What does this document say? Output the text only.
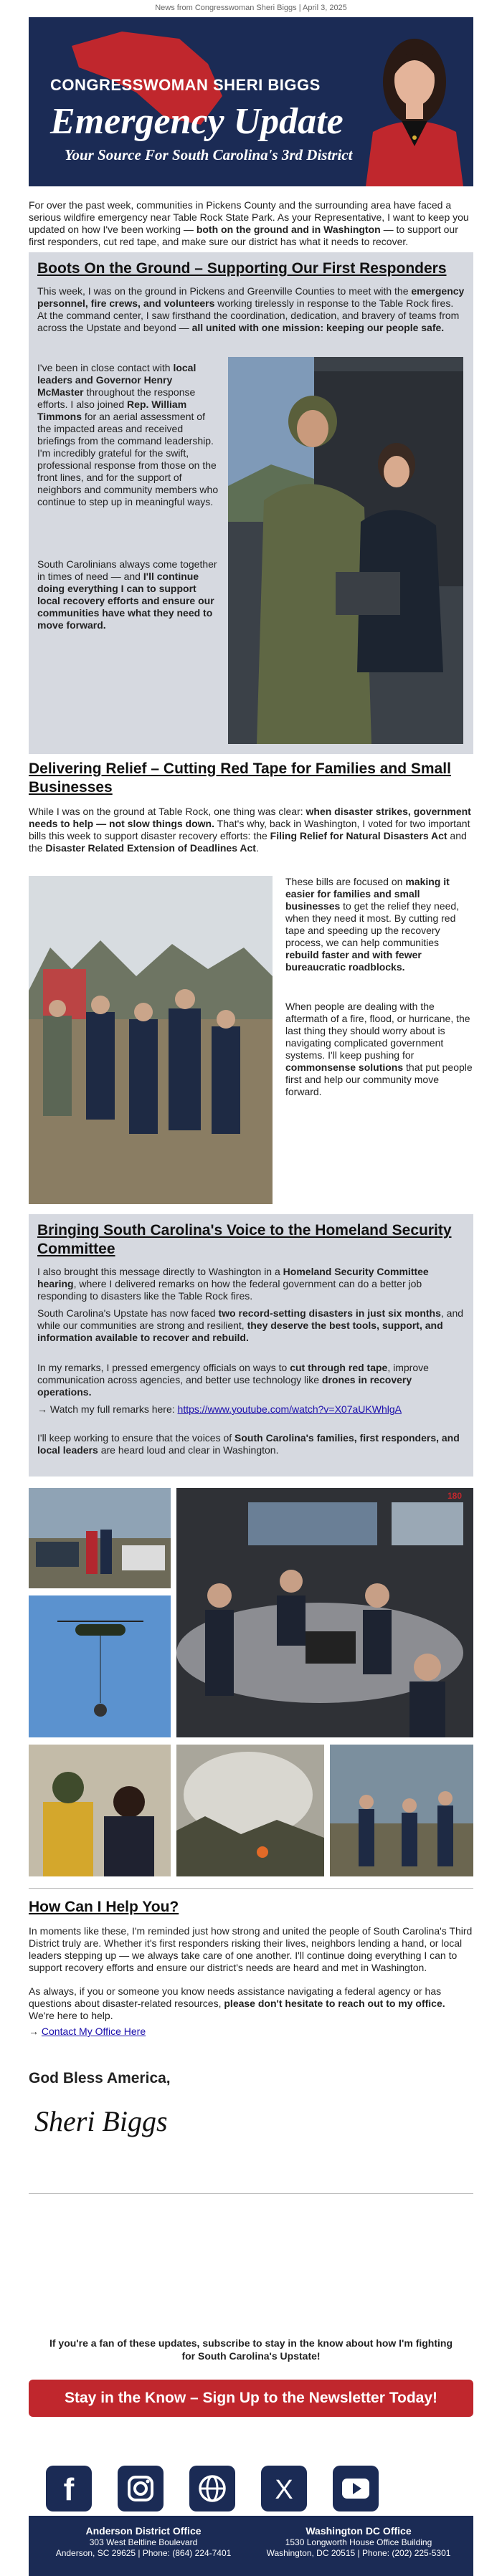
News from Congresswoman Sheri Biggs | April 3, 2025
CONGRESSWOMAN SHERI BIGGS
Emergency Update
Your Source For South Carolina's 3rd District
For over the past week, communities in Pickens County and the surrounding area have faced a serious wildfire emergency near Table Rock State Park. As your Representative, I want to keep you updated on how I've been working — both on the ground and in Washington — to support our first responders, cut red tape, and make sure our district has what it needs to recover.
Boots On the Ground – Supporting Our First Responders
This week, I was on the ground in Pickens and Greenville Counties to meet with the emergency personnel, fire crews, and volunteers working tirelessly in response to the Table Rock fires. At the command center, I saw firsthand the coordination, dedication, and bravery of teams from across the Upstate and beyond — all united with one mission: keeping our people safe.
I've been in close contact with local leaders and Governor Henry McMaster throughout the response efforts. I also joined Rep. William Timmons for an aerial assessment of the impacted areas and received briefings from the command leadership. I'm incredibly grateful for the swift, professional response from those on the front lines, and for the support of neighbors and community members who continue to step up in meaningful ways.
South Carolinians always come together in times of need — and I'll continue doing everything I can to support local recovery efforts and ensure our communities have what they need to move forward.
Delivering Relief – Cutting Red Tape for Families and Small Businesses
While I was on the ground at Table Rock, one thing was clear: when disaster strikes, government needs to help — not slow things down. That's why, back in Washington, I voted for two important bills this week to support disaster recovery efforts: the Filing Relief for Natural Disasters Act and the Disaster Related Extension of Deadlines Act.
These bills are focused on making it easier for families and small businesses to get the relief they need, when they need it most. By cutting red tape and speeding up the recovery process, we can help communities rebuild faster and with fewer bureaucratic roadblocks.
When people are dealing with the aftermath of a fire, flood, or hurricane, the last thing they should worry about is navigating complicated government systems. I'll keep pushing for commonsense solutions that put people first and help our community move forward.
Bringing South Carolina's Voice to the Homeland Security Committee
I also brought this message directly to Washington in a Homeland Security Committee hearing, where I delivered remarks on how the federal government can do a better job responding to disasters like the Table Rock fires.
South Carolina's Upstate has now faced two record-setting disasters in just six months, and while our communities are strong and resilient, they deserve the best tools, support, and information available to recover and rebuild.
In my remarks, I pressed emergency officials on ways to cut through red tape, improve communication across agencies, and better use technology like drones in recovery operations.
→ Watch my full remarks here: https://www.youtube.com/watch?v=X07aUKWhlgA
I'll keep working to ensure that the voices of South Carolina's families, first responders, and local leaders are heard loud and clear in Washington.
180
How Can I Help You?
In moments like these, I'm reminded just how strong and united the people of South Carolina's Third District truly are. Whether it's first responders risking their lives, neighbors lending a hand, or local leaders stepping up — we always take care of one another. I'll continue doing everything I can to support recovery efforts and ensure our district's needs are heard and met in Washington.
As always, if you or someone you know needs assistance navigating a federal agency or has questions about disaster-related resources, please don't hesitate to reach out to my office. We're here to help.
→ Contact My Office Here
God Bless America,
Sheri Biggs
If you're a fan of these updates, subscribe to stay in the know about how I'm fighting for South Carolina's Upstate!
Stay in the Know – Sign Up to the Newsletter Today!
f	X
Anderson District Office
303 West Beltline Boulevard
Anderson, SC 29625 | Phone: (864) 224-7401
Washington DC Office
1530 Longworth House Office Building
Washington, DC 20515 | Phone: (202) 225-5301
